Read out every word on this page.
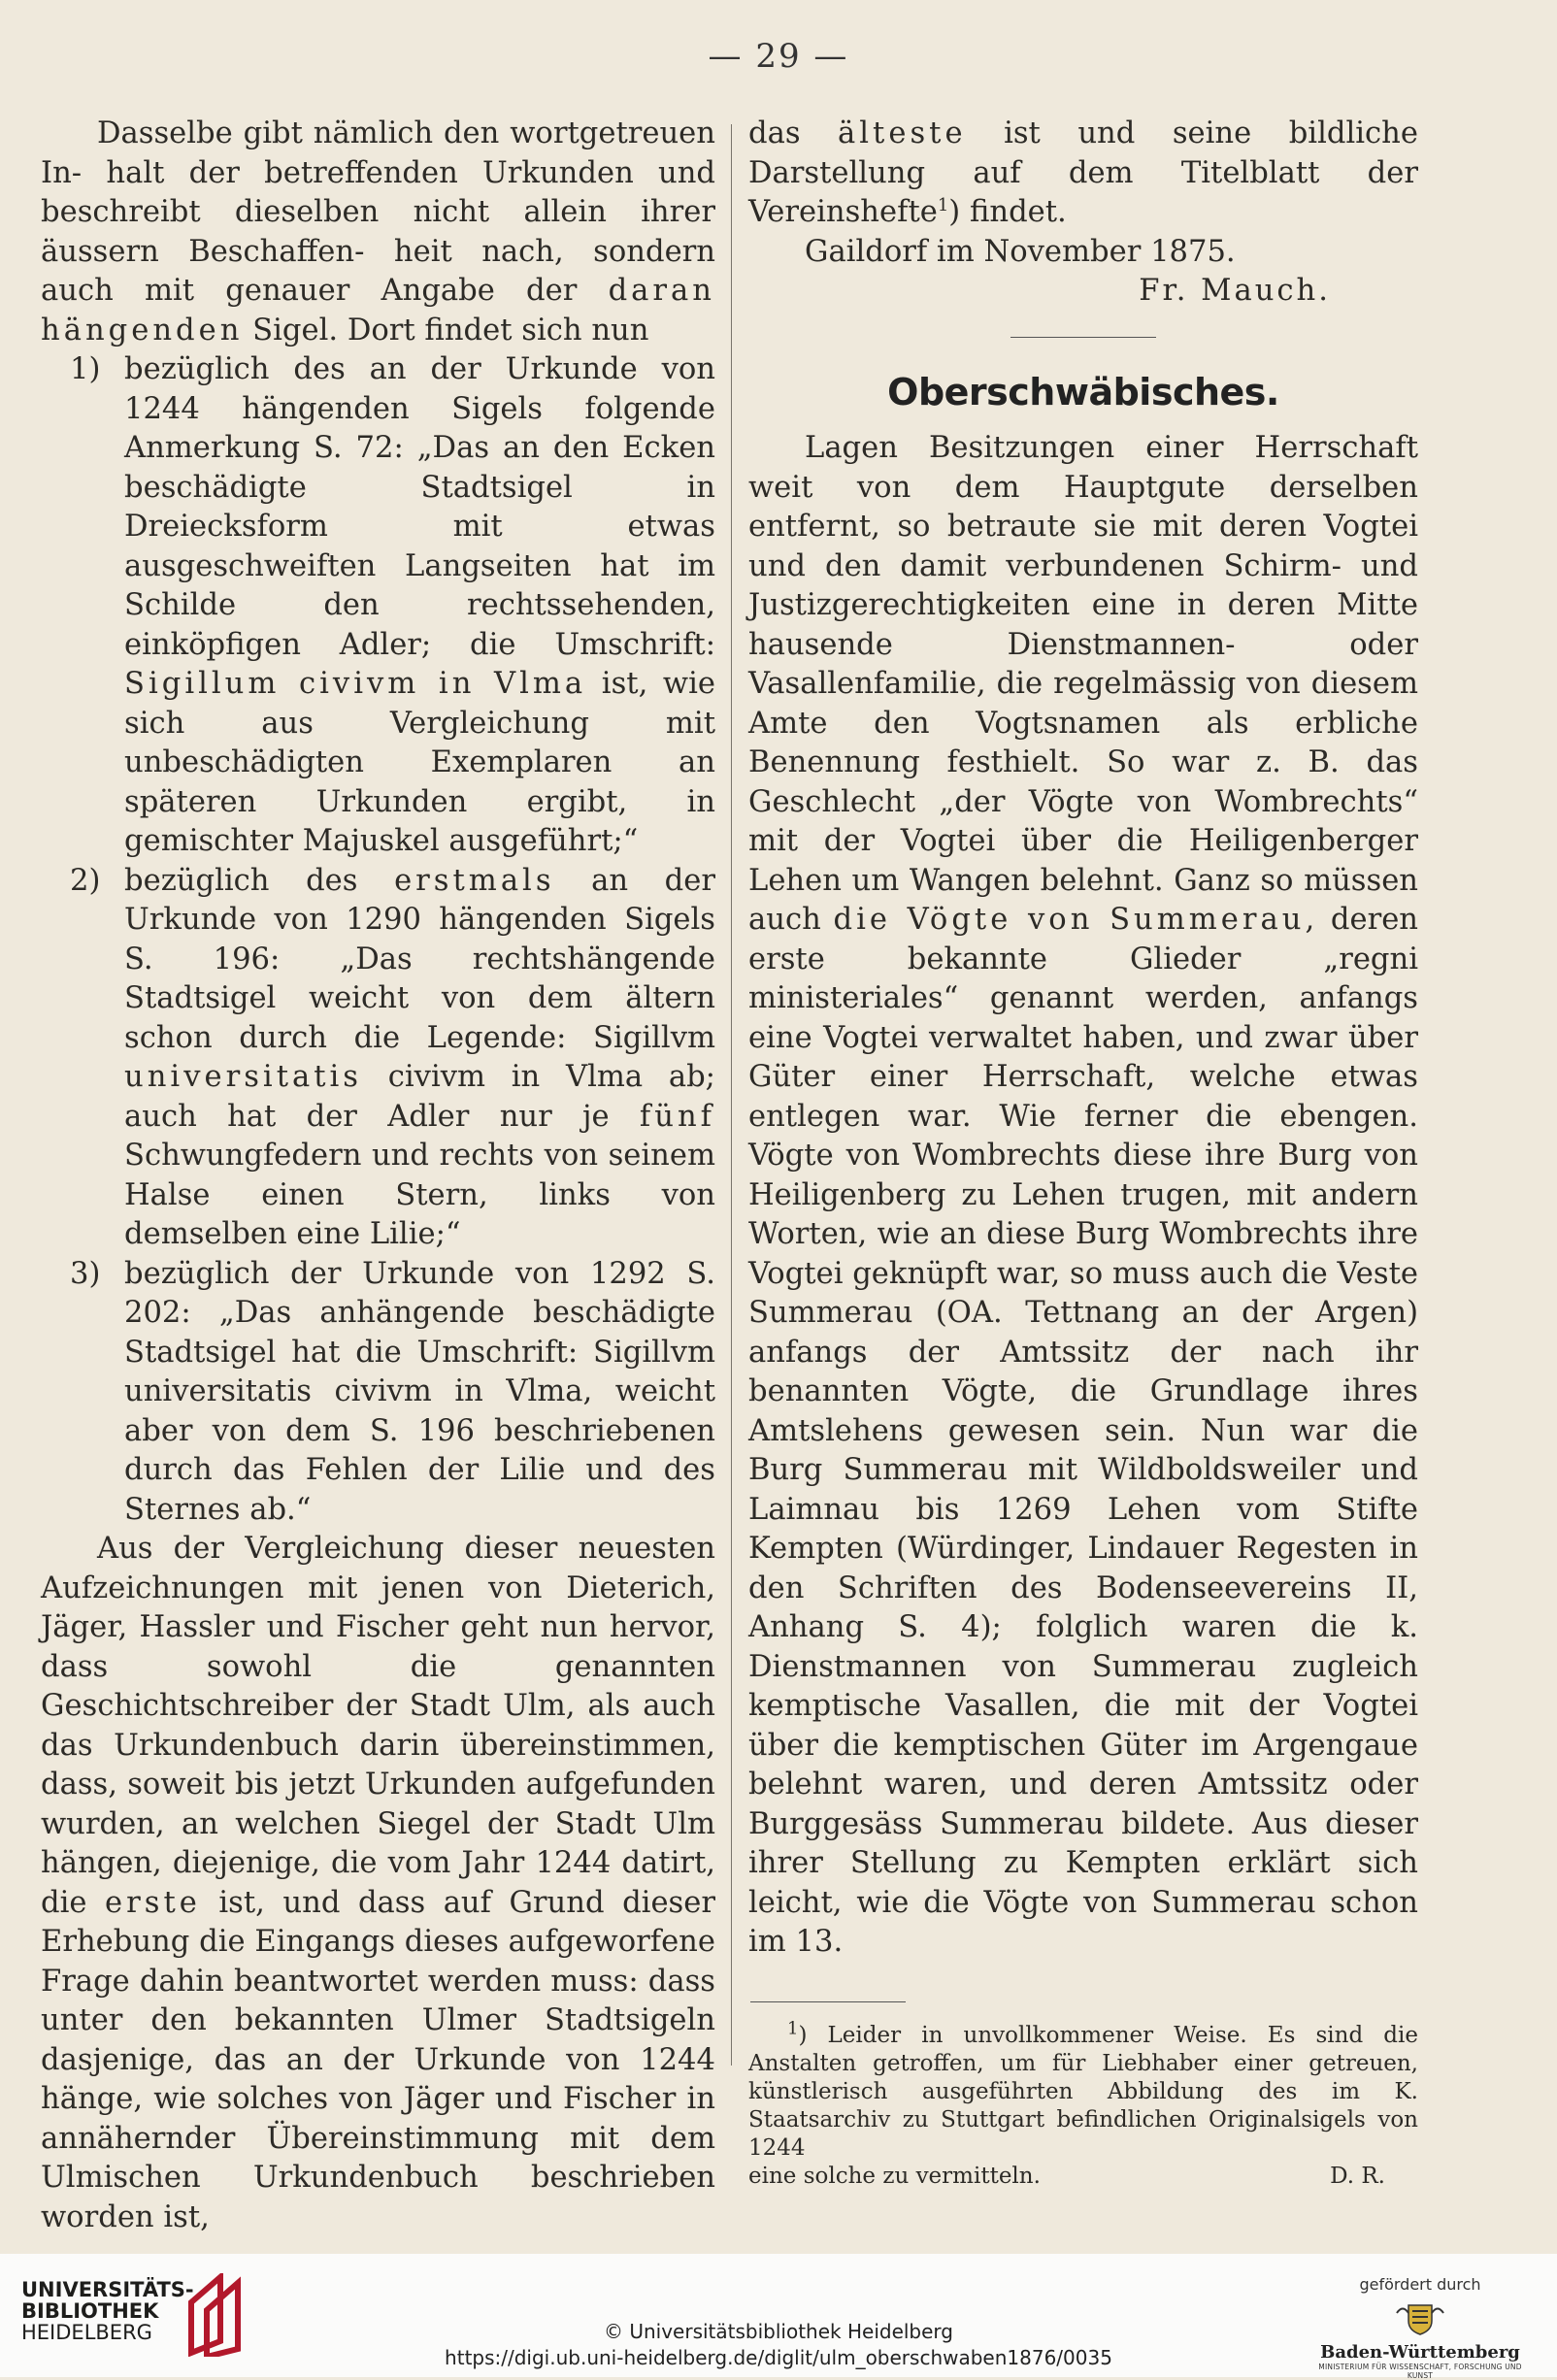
— 29 —

Dasselbe gibt nämlich den wortgetreuen In- halt der betreffenden Urkunden und beschreibt dieselben nicht allein ihrer äussern Beschaffen- heit nach, sondern auch mit genauer Angabe der daran hängenden Sigel. Dort findet sich nun

1) bezüglich des an der Urkunde von 1244 hängenden Sigels folgende Anmerkung S. 72: „Das an den Ecken beschädigte Stadtsigel in Dreiecksform mit etwas ausgeschweiften Langseiten hat im Schilde den rechtssehenden, einköpfigen Adler; die Umschrift: Sigillum civivm in Vlma ist, wie sich aus Vergleichung mit unbeschädigten Exemplaren an späteren Urkunden ergibt, in gemischter Majuskel ausgeführt;“

2) bezüglich des erstmals an der Urkunde von 1290 hängenden Sigels S. 196: „Das rechtshängende Stadtsigel weicht von dem ältern schon durch die Legende: Sigillvm universitatis civivm in Vlma ab; auch hat der Adler nur je fünf Schwungfedern und rechts von seinem Halse einen Stern, links von demselben eine Lilie;“

3) bezüglich der Urkunde von 1292 S. 202: „Das anhängende beschädigte Stadtsigel hat die Umschrift: Sigillvm universitatis civivm in Vlma, weicht aber von dem S. 196 beschriebenen durch das Fehlen der Lilie und des Sternes ab.“

Aus der Vergleichung dieser neuesten Aufzeichnungen mit jenen von Dieterich, Jäger, Hassler und Fischer geht nun hervor, dass sowohl die genannten Geschichtschreiber der Stadt Ulm, als auch das Urkundenbuch darin übereinstimmen, dass, soweit bis jetzt Urkunden aufgefunden wurden, an welchen Siegel der Stadt Ulm hängen, diejenige, die vom Jahr 1244 datirt, die erste ist, und dass auf Grund dieser Erhebung die Eingangs dieses aufgeworfene Frage dahin beantwortet werden muss: dass unter den bekannten Ulmer Stadtsigeln dasjenige, das an der Urkunde von 1244 hänge, wie solches von Jäger und Fischer in annähernder Übereinstimmung mit dem Ulmischen Urkundenbuch beschrieben worden ist,

das älteste ist und seine bildliche Darstellung auf dem Titelblatt der Vereinshefte$^1$) findet.

Gaildorf im November 1875.

Fr. Mauch.
Oberschwäbisches.

Lagen Besitzungen einer Herrschaft weit von dem Hauptgute derselben entfernt, so betraute sie mit deren Vogtei und den damit verbundenen Schirm- und Justizgerechtigkeiten eine in deren Mitte hausende Dienstmannen- oder Vasallenfamilie, die regelmässig von diesem Amte den Vogtsnamen als erbliche Benennung festhielt. So war z. B. das Geschlecht „der Vögte von Wombrechts“ mit der Vogtei über die Heiligenberger Lehen um Wangen belehnt. Ganz so müssen auch die Vögte von Summerau, deren erste bekannte Glieder „regni ministeriales“ genannt werden, anfangs eine Vogtei verwaltet haben, und zwar über Güter einer Herrschaft, welche etwas entlegen war. Wie ferner die ebengen. Vögte von Wombrechts diese ihre Burg von Heiligenberg zu Lehen trugen, mit andern Worten, wie an diese Burg Wombrechts ihre Vogtei geknüpft war, so muss auch die Veste Summerau (OA. Tettnang an der Argen) anfangs der Amtssitz der nach ihr benannten Vögte, die Grundlage ihres Amtslehens gewesen sein. Nun war die Burg Summerau mit Wildboldsweiler und Laimnau bis 1269 Lehen vom Stifte Kempten (Würdinger, Lindauer Regesten in den Schriften des Bodenseevereins II, Anhang S. 4); folglich waren die k. Dienstmannen von Summerau zugleich kemptische Vasallen, die mit der Vogtei über die kemptischen Güter im Argengaue belehnt waren, und deren Amtssitz oder Burggesäss Summerau bildete. Aus dieser ihrer Stellung zu Kempten erklärt sich leicht, wie die Vögte von Summerau schon im 13.

$^1$) Leider in unvollkommener Weise. Es sind die Anstalten getroffen, um für Liebhaber einer getreuen, künstlerisch ausgeführten Abbildung des im K. Staatsarchiv zu Stuttgart befindlichen Originalsigels von 1244

eine solche zu vermitteln.	D. R.
UNIVERSITÄTS-
BIBLIOTHEK
HEIDELBERG	© Universitätsbibliothek Heidelberg
https://digi.ub.uni-heidelberg.de/diglit/ulm_oberschwaben1876/0035
gefördert durch
Baden-Württemberg
MINISTERIUM FÜR WISSENSCHAFT, FORSCHUNG UND KUNST
